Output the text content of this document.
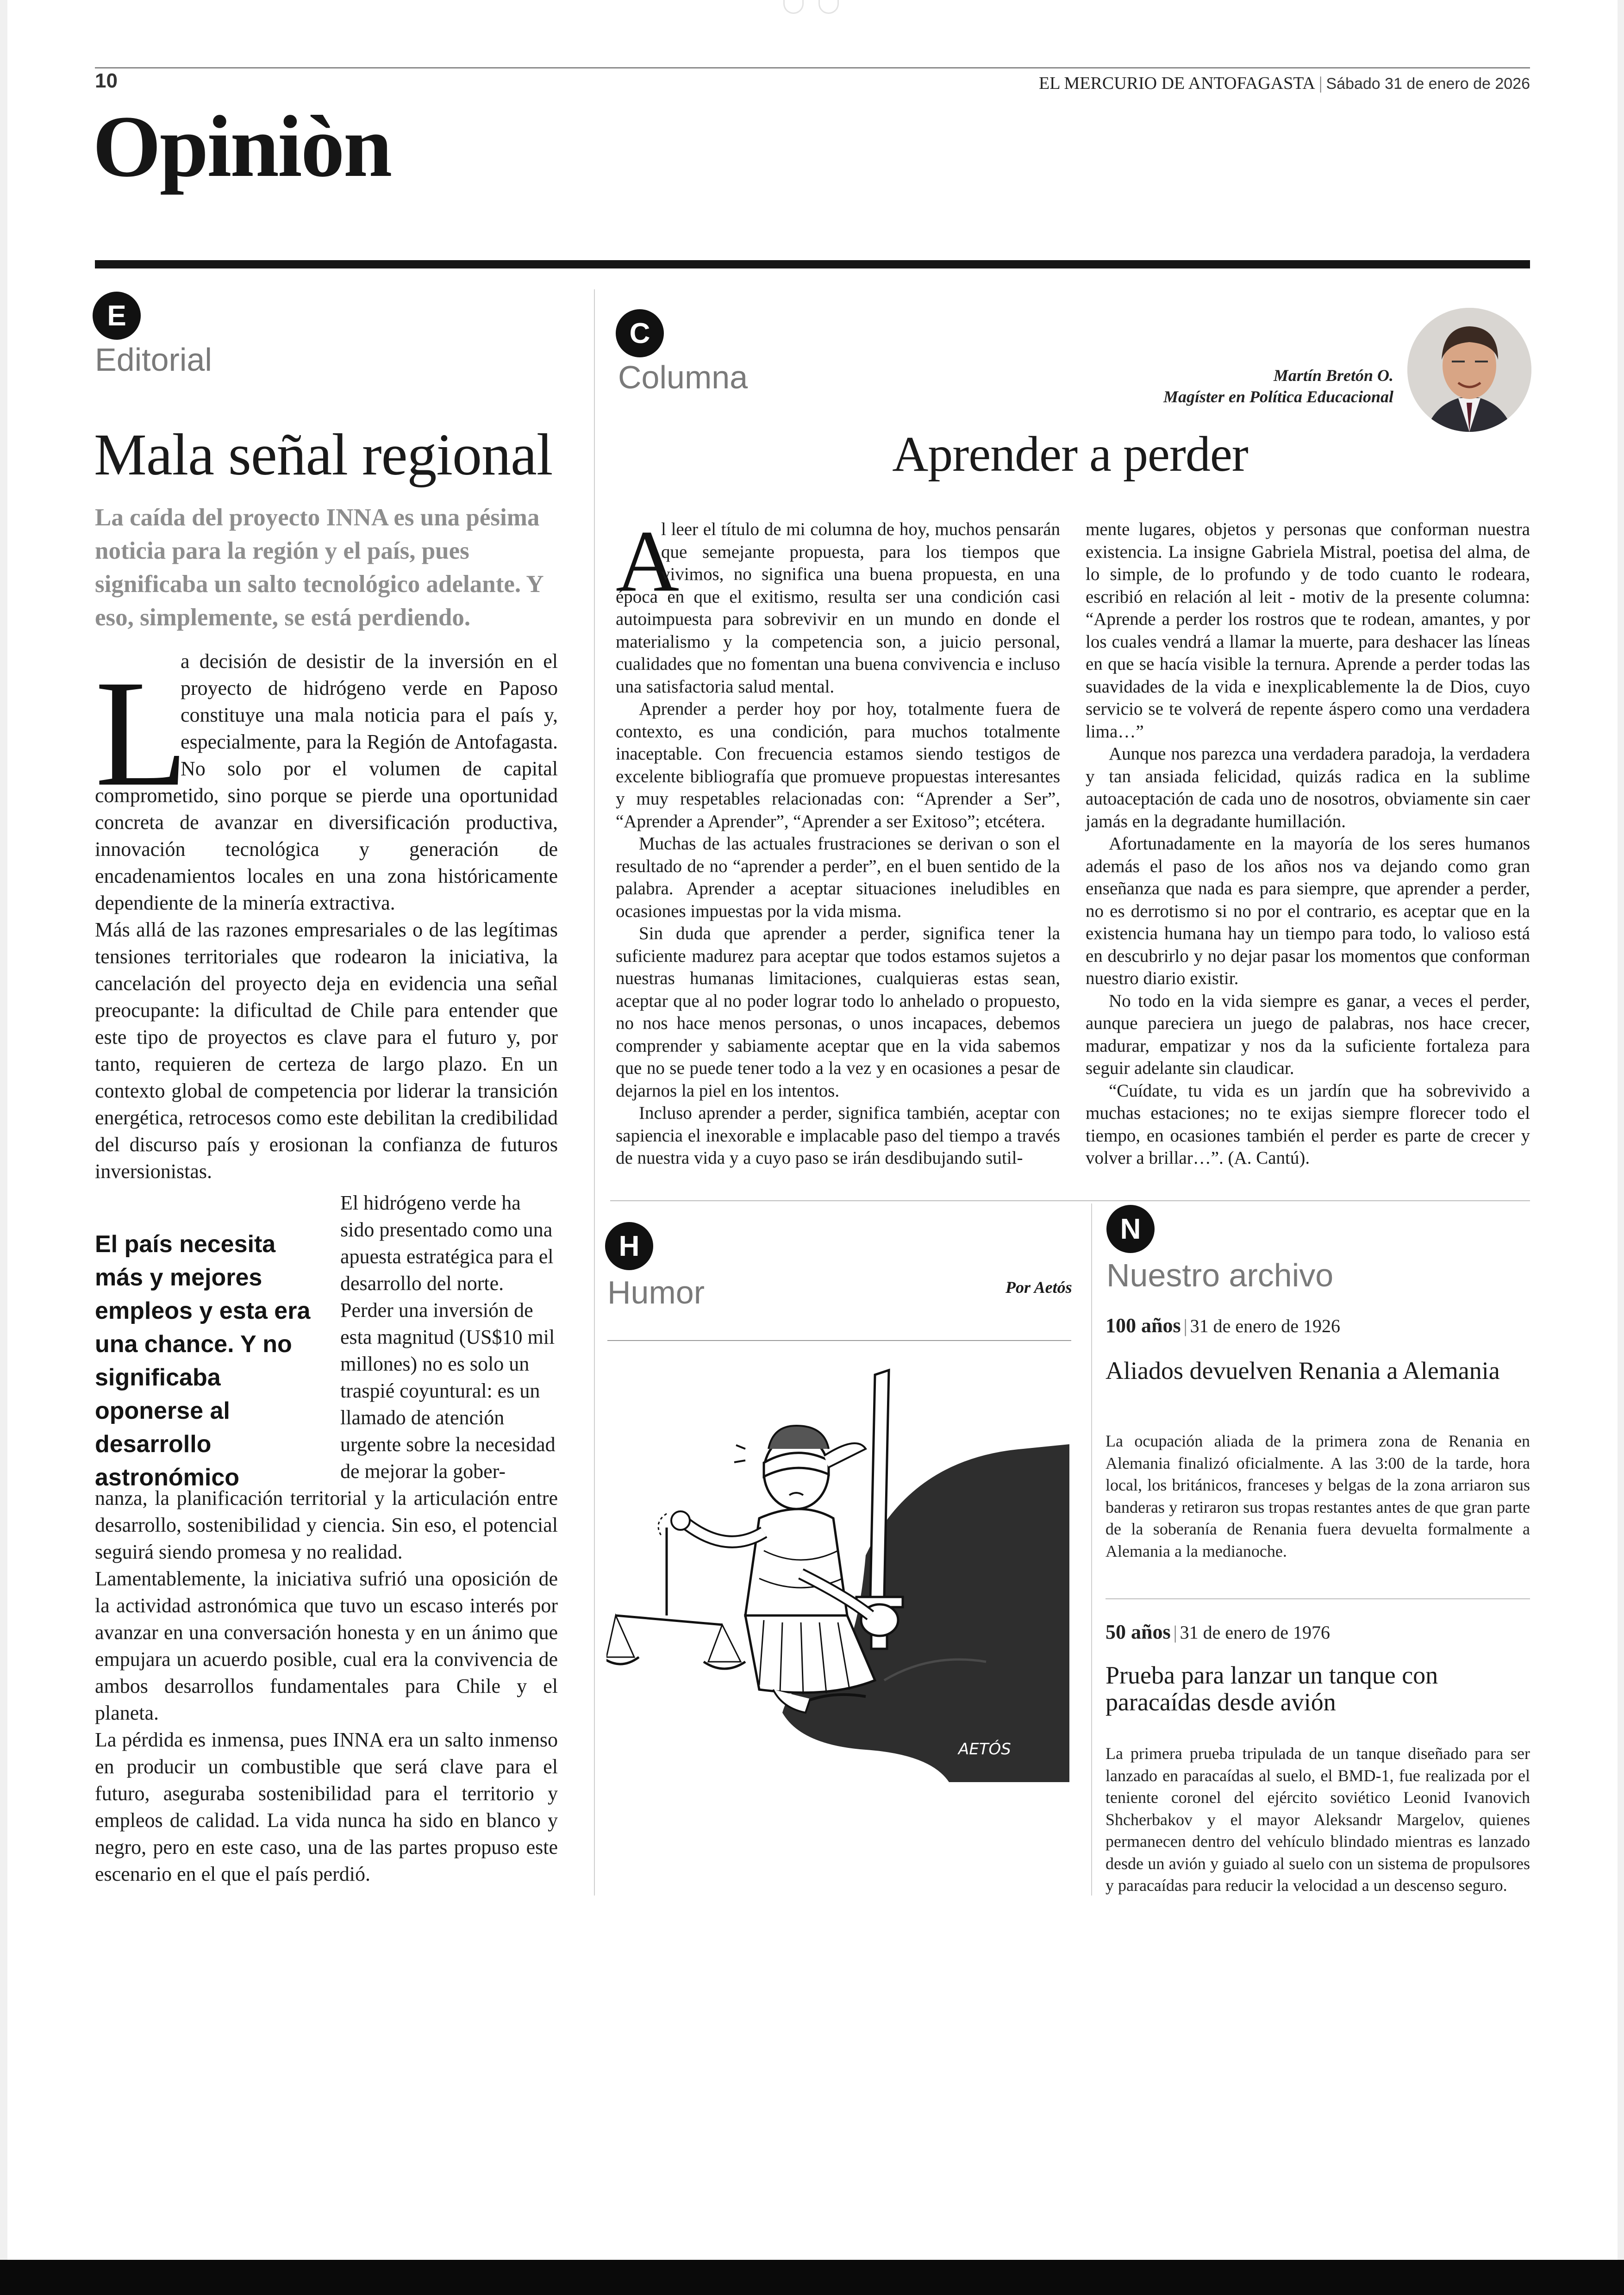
10	EL MERCURIO DE ANTOFAGASTA | Sábado 31 de enero de 2026
Opiniòn
E
Editorial
Mala señal regional
La caída del proyecto INNA es una pésima noticia para la región y el país, pues significaba un salto tecnológico adelante. Y eso, simplemente, se está perdiendo.
L

a decisión de desistir de la inversión en el proyecto de hidrógeno verde en Paposo constituye una mala noticia para el país y, especialmente, para la Región de Antofagasta. No solo por el volumen de capital comprometido, sino porque se pierde una oportunidad concreta de avanzar en diversificación productiva, innovación tecnológica y generación de encadenamientos locales en una zona históricamente dependiente de la minería extractiva.

Más allá de las razones empresariales o de las legítimas tensiones territoriales que rodearon la iniciativa, la cancelación del proyecto deja en evidencia una señal preocupante: la dificultad de Chile para entender que este tipo de proyectos es clave para el futuro y, por tanto, requieren de certeza de largo plazo. En un contexto global de competencia por liderar la transición energética, retrocesos como este debilitan la credibilidad del discurso país y erosionan la confianza de futuros inversionistas.

El país necesita más y mejores empleos y esta era una chance. Y no significaba oponerse al desarrollo astronómico
El hidrógeno verde ha sido presentado como una apuesta estratégica para el desarrollo del norte. Perder una inversión de esta magnitud (US$10 mil millones) no es solo un traspié coyuntural: es un llamado de atención urgente sobre la necesidad de mejorar la gober-

nanza, la planificación territorial y la articulación entre desarrollo, sostenibilidad y ciencia. Sin eso, el potencial seguirá siendo promesa y no realidad.

Lamentablemente, la iniciativa sufrió una oposición de la actividad astronómica que tuvo un escaso interés por avanzar en una conversación honesta y en un ánimo que empujara un acuerdo posible, cual era la convivencia de ambos desarrollos fundamentales para Chile y el planeta.

La pérdida es inmensa, pues INNA era un salto inmenso en producir un combustible que será clave para el futuro, aseguraba sostenibilidad para el territorio y empleos de calidad. La vida nunca ha sido en blanco y negro, pero en este caso, una de las partes propuso este escenario en el que el país perdió.

C
Columna	Martín Bretón O.
Magíster en Política Educacional
Aprender a perder
A

l leer el título de mi columna de hoy, muchos pensarán que semejante propuesta, para los tiempos que vivimos, no significa una buena propuesta, en una época en que el exitismo, resulta ser una condición casi autoimpuesta para sobrevivir en un mundo en donde el materialismo y la competencia son, a juicio personal, cualidades que no fomentan una buena convivencia e incluso una satisfactoria salud mental.

Aprender a perder hoy por hoy, totalmente fuera de contexto, es una condición, para muchos totalmente inaceptable. Con frecuencia estamos siendo testigos de excelente bibliografía que promueve propuestas interesantes y muy respetables relacionadas con: “Aprender a Ser”, “Aprender a Aprender”, “Aprender a ser Exitoso”; etcétera.

Muchas de las actuales frustraciones se derivan o son el resultado de no “aprender a perder”, en el buen sentido de la palabra. Aprender a aceptar situaciones ineludibles en ocasiones impuestas por la vida misma.

Sin duda que aprender a perder, significa tener la suficiente madurez para aceptar que todos estamos sujetos a nuestras humanas limitaciones, cualquieras estas sean, aceptar que al no poder lograr todo lo anhelado o propuesto, no nos hace menos personas, o unos incapaces, debemos comprender y sabiamente aceptar que en la vida sabemos que no se puede tener todo a la vez y en ocasiones a pesar de dejarnos la piel en los intentos.

Incluso aprender a perder, significa también, aceptar con sapiencia el inexorable e implacable paso del tiempo a través de nuestra vida y a cuyo paso se irán desdibujando sutil-

mente lugares, objetos y personas que conforman nuestra existencia. La insigne Gabriela Mistral, poetisa del alma, de lo simple, de lo profundo y de todo cuanto le rodeara, escribió en relación al leit - motiv de la presente columna: “Aprende a perder los rostros que te rodean, amantes, y por los cuales vendrá a llamar la muerte, para deshacer las líneas en que se hacía visible la ternura. Aprende a perder todas las suavidades de la vida e inexplicablemente la de Dios, cuyo servicio se te volverá de repente áspero como una verdadera lima…”

Aunque nos parezca una verdadera paradoja, la verdadera y tan ansiada felicidad, quizás radica en la sublime autoaceptación de cada uno de nosotros, obviamente sin caer jamás en la degradante humillación.

Afortunadamente en la mayoría de los seres humanos además el paso de los años nos va dejando como gran enseñanza que nada es para siempre, que aprender a perder, no es derrotismo si no por el contrario, es aceptar que en la existencia humana hay un tiempo para todo, lo valioso está en descubrirlo y no dejar pasar los momentos que conforman nuestro diario existir.

No todo en la vida siempre es ganar, a veces el perder, aunque pareciera un juego de palabras, nos hace crecer, madurar, empatizar y nos da la suficiente fortaleza para seguir adelante sin claudicar.

“Cuídate, tu vida es un jardín que ha sobrevivido a muchas estaciones; no te exijas siempre florecer todo el tiempo, en ocasiones también el perder es parte de crecer y volver a brillar…”. (A. Cantú).

H
Humor	Por Aetós
AETÓS
N
Nuestro archivo
100 años | 31 de enero de 1926
Aliados devuelven Renania a Alemania
La ocupación aliada de la primera zona de Renania en Alemania finalizó oficialmente. A las 3:00 de la tarde, hora local, los británicos, franceses y belgas de la zona arriaron sus banderas y retiraron sus tropas restantes antes de que gran parte de la soberanía de Renania fuera devuelta formalmente a Alemania a la medianoche.
50 años | 31 de enero de 1976
Prueba para lanzar un tanque con paracaídas desde avión
La primera prueba tripulada de un tanque diseñado para ser lanzado en paracaídas al suelo, el BMD-1, fue realizada por el teniente coronel del ejército soviético Leonid Ivanovich Shcherbakov y el mayor Aleksandr Margelov, quienes permanecen dentro del vehículo blindado mientras es lanzado desde un avión y guiado al suelo con un sistema de propulsores y paracaídas para reducir la velocidad a un descenso seguro.
